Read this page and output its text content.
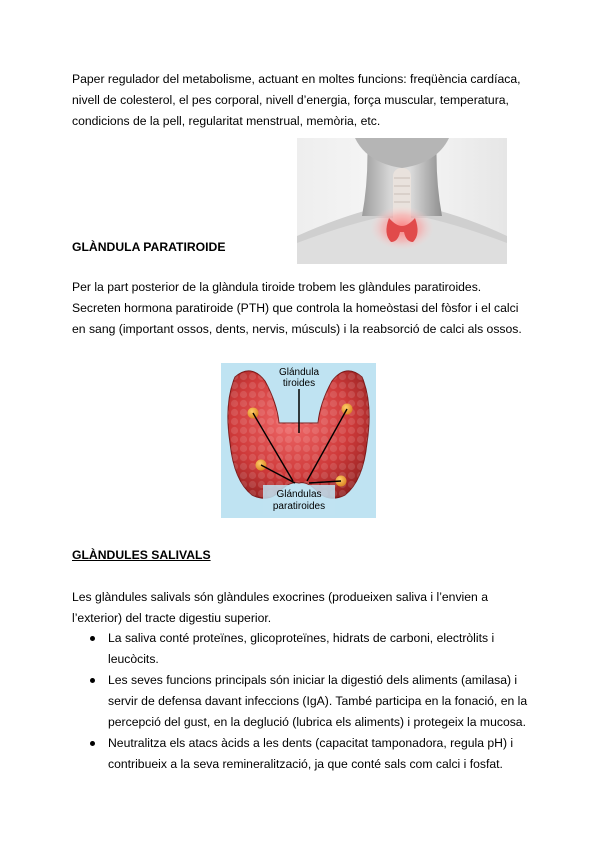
Paper regulador del metabolisme, actuant en moltes funcions: freqüència cardíaca,
nivell de colesterol, el pes corporal, nivell d’energia, força muscular, temperatura,
condicions de la pell, regularitat menstrual, memòria, etc.

GLÀNDULA PARATIROIDE

Per la part posterior de la glàndula tiroide trobem les glàndules paratiroides.
Secreten hormona paratiroide (PTH) que controla la homeòstasi del fòsfor i el calci
en sang (important ossos, dents, nervis, músculs) i la reabsorció de calci als ossos.

Glándula
tiroides
Glándulas
paratiroides

GLÀNDULES SALIVALS

Les glàndules salivals són glàndules exocrines (produeixen saliva i l’envien a
l’exterior) del tracte digestiu superior.

La saliva conté proteïnes, glicoproteïnes, hidrats de carboni, electròlits i
leucòcits.
Les seves funcions principals són iniciar la digestió dels aliments (amilasa) i
servir de defensa davant infeccions (IgA). També participa en la fonació, en la
percepció del gust, en la deglució (lubrica els aliments) i protegeix la mucosa.
Neutralitza els atacs àcids a les dents (capacitat tamponadora, regula pH) i
contribueix a la seva remineralització, ja que conté sals com calci i fosfat.
